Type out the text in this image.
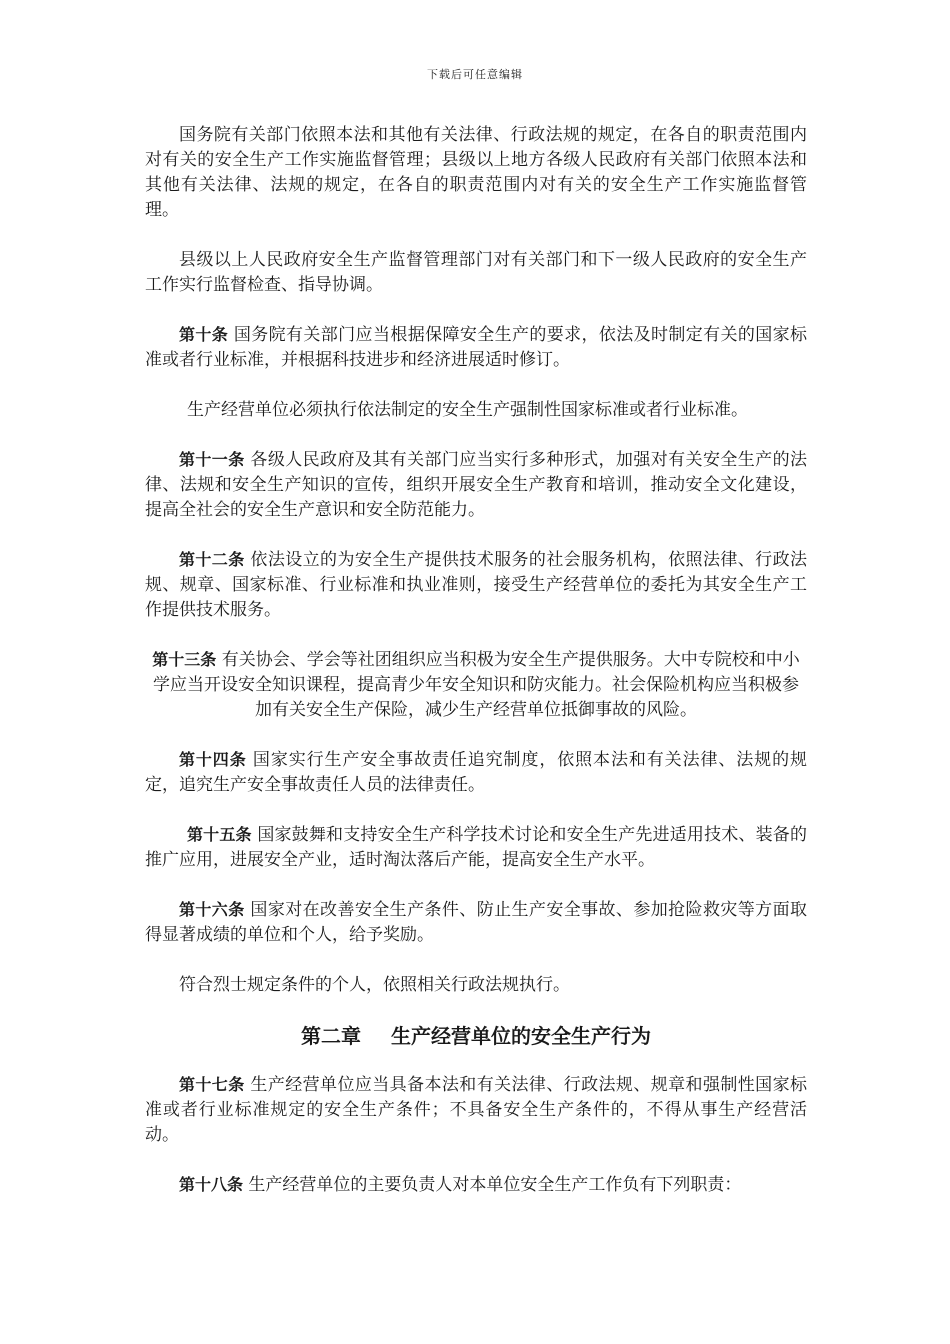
下载后可任意编辑

国务院有关部门依照本法和其他有关法律、行政法规的规定，在各自的职责范围内对有关的安全生产工作实施监督管理；县级以上地方各级人民政府有关部门依照本法和其他有关法律、法规的规定，在各自的职责范围内对有关的安全生产工作实施监督管理。

县级以上人民政府安全生产监督管理部门对有关部门和下一级人民政府的安全生产工作实行监督检查、指导协调。

第十条 国务院有关部门应当根据保障安全生产的要求，依法及时制定有关的国家标准或者行业标准，并根据科技进步和经济进展适时修订。

生产经营单位必须执行依法制定的安全生产强制性国家标准或者行业标准。

第十一条 各级人民政府及其有关部门应当实行多种形式，加强对有关安全生产的法律、法规和安全生产知识的宣传，组织开展安全生产教育和培训，推动安全文化建设，提高全社会的安全生产意识和安全防范能力。

第十二条 依法设立的为安全生产提供技术服务的社会服务机构，依照法律、行政法规、规章、国家标准、行业标准和执业准则，接受生产经营单位的委托为其安全生产工作提供技术服务。

第十三条 有关协会、学会等社团组织应当积极为安全生产提供服务。大中专院校和中小学应当开设安全知识课程，提高青少年安全知识和防灾能力。社会保险机构应当积极参加有关安全生产保险，减少生产经营单位抵御事故的风险。

第十四条 国家实行生产安全事故责任追究制度，依照本法和有关法律、法规的规定，追究生产安全事故责任人员的法律责任。

第十五条 国家鼓舞和支持安全生产科学技术讨论和安全生产先进适用技术、装备的推广应用，进展安全产业，适时淘汰落后产能，提高安全生产水平。

第十六条 国家对在改善安全生产条件、防止生产安全事故、参加抢险救灾等方面取得显著成绩的单位和个人，给予奖励。

符合烈士规定条件的个人，依照相关行政法规执行。

第二章 生产经营单位的安全生产行为

第十七条 生产经营单位应当具备本法和有关法律、行政法规、规章和强制性国家标准或者行业标准规定的安全生产条件；不具备安全生产条件的，不得从事生产经营活动。

第十八条 生产经营单位的主要负责人对本单位安全生产工作负有下列职责：
